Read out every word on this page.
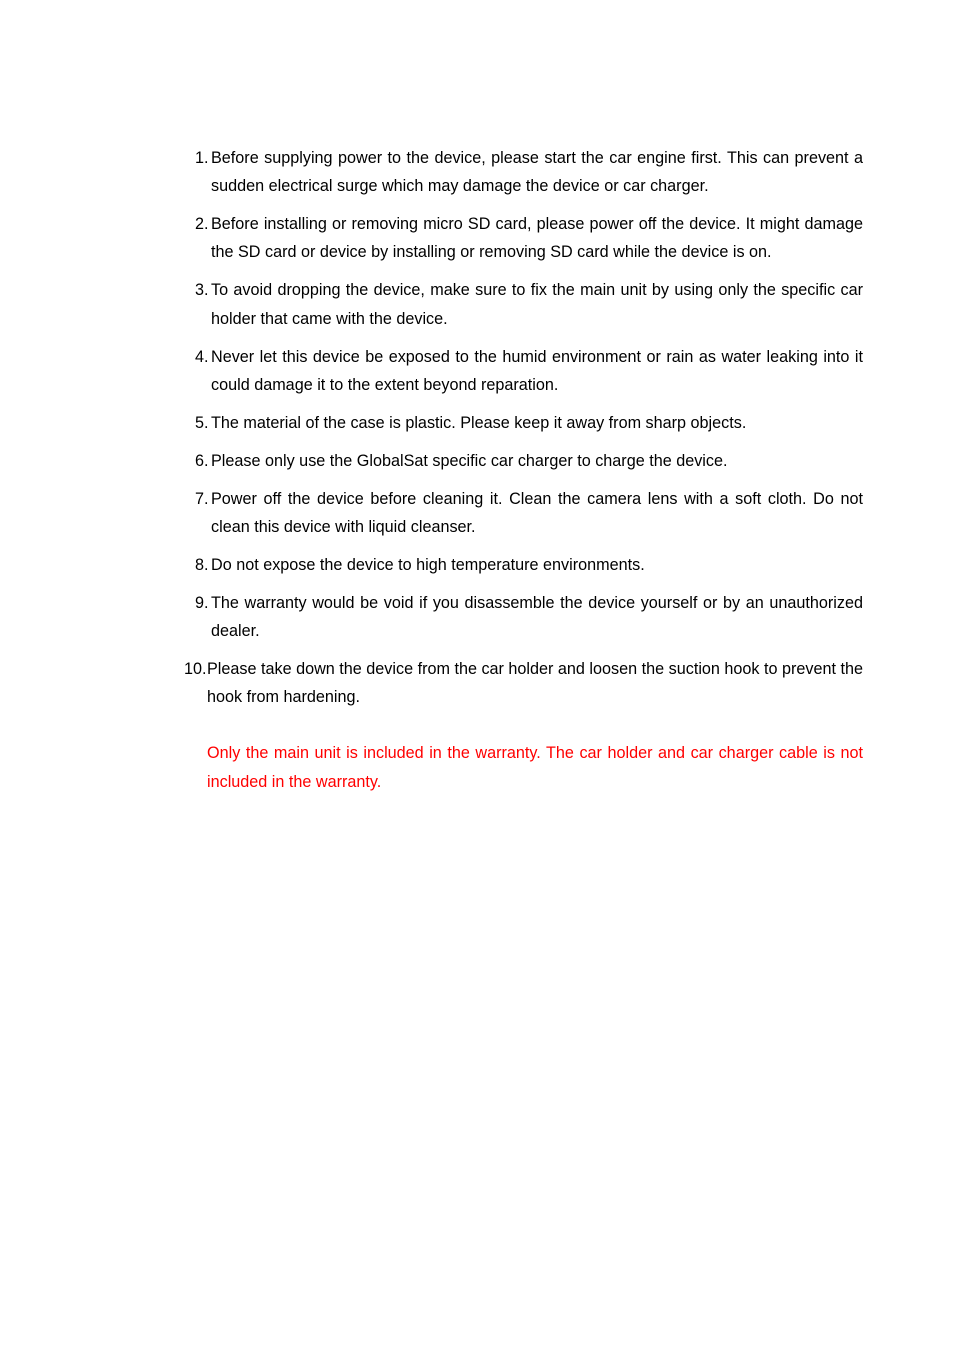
1. Before supplying power to the device, please start the car engine first. This can prevent a sudden electrical surge which may damage the device or car charger.
2. Before installing or removing micro SD card, please power off the device. It might damage the SD card or device by installing or removing SD card while the device is on.
3. To avoid dropping the device, make sure to fix the main unit by using only the specific car holder that came with the device.
4. Never let this device be exposed to the humid environment or rain as water leaking into it could damage it to the extent beyond reparation.
5. The material of the case is plastic. Please keep it away from sharp objects.
6. Please only use the GlobalSat specific car charger to charge the device.
7. Power off the device before cleaning it. Clean the camera lens with a soft cloth. Do not clean this device with liquid cleanser.
8. Do not expose the device to high temperature environments.
9. The warranty would be void if you disassemble the device yourself or by an unauthorized dealer.
10. Please take down the device from the car holder and loosen the suction hook to prevent the hook from hardening.
Only the main unit is included in the warranty. The car holder and car charger cable is not included in the warranty.
